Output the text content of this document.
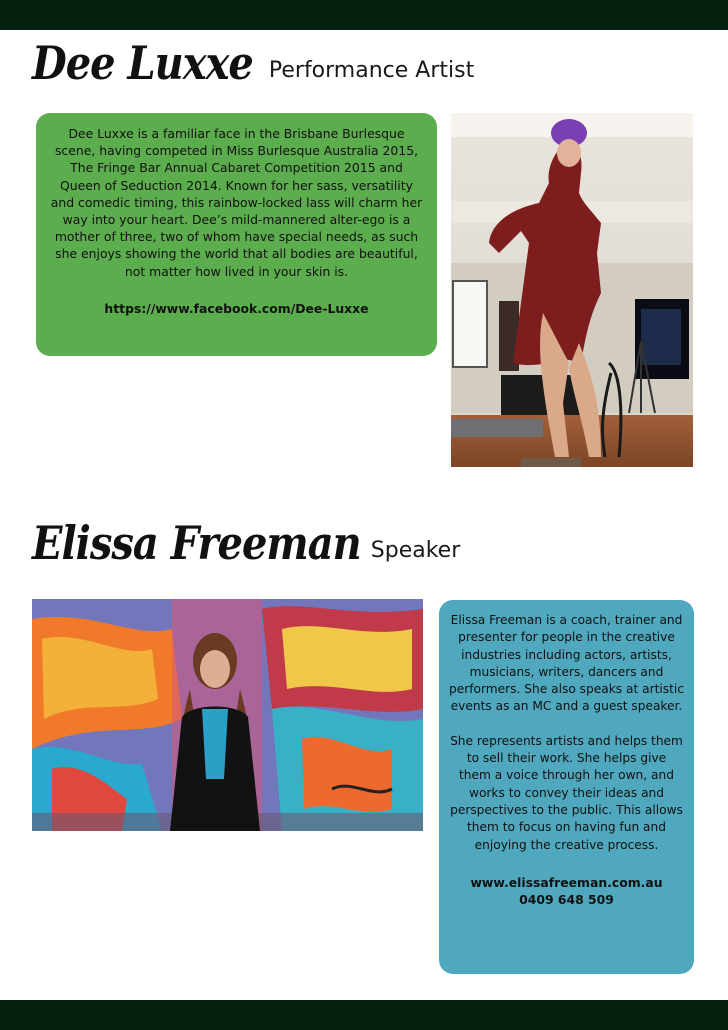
Dee Luxxe Performance Artist

Dee Luxxe is a familiar face in the Brisbane Burlesque scene, having competed in Miss Burlesque Australia 2015, The Fringe Bar Annual Cabaret Competition 2015 and Queen of Seduction 2014. Known for her sass, versatility and comedic timing, this rainbow-locked lass will charm her way into your heart. Dee’s mild-mannered alter-ego is a mother of three, two of whom have special needs, as such she enjoys showing the world that all bodies are beautiful, not matter how lived in your skin is.

https://www.facebook.com/Dee-Luxxe
Elissa Freeman Speaker

Elissa Freeman is a coach, trainer and presenter for people in the creative industries including actors, artists, musicians, writers, dancers and performers. She also speaks at artistic events as an MC and a guest speaker.

She represents artists and helps them to sell their work. She helps give them a voice through her own, and works to convey their ideas and perspectives to the public. This allows them to focus on having fun and enjoying the creative process.

www.elissafreeman.com.au
0409 648 509
